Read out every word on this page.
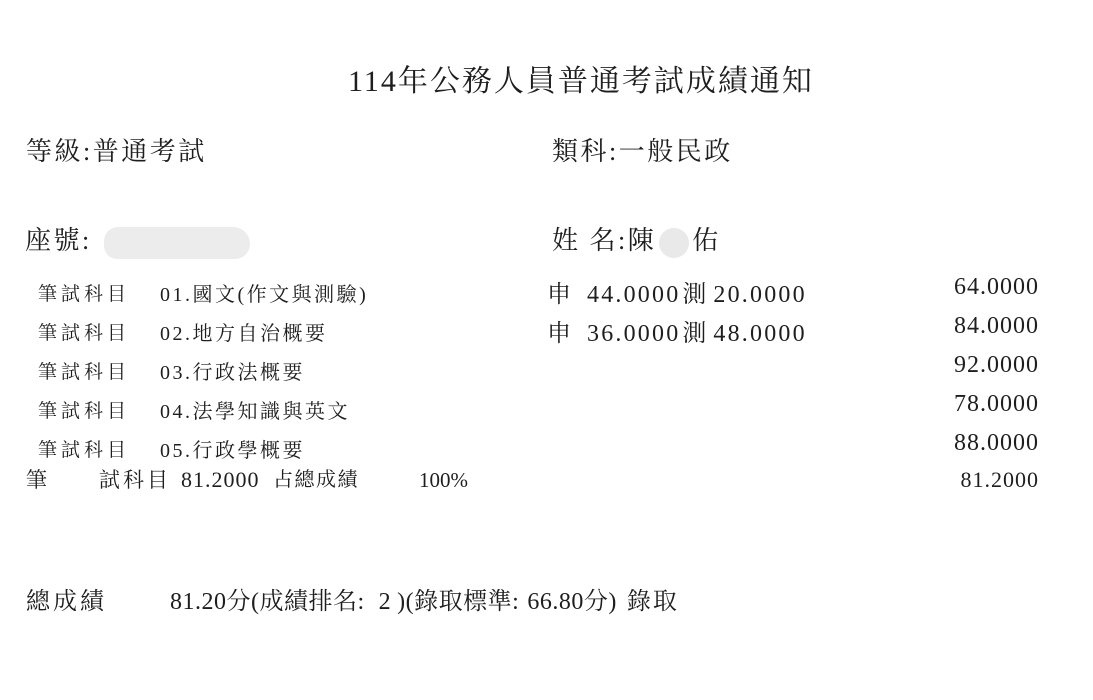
114年公務人員普通考試成績通知
等級:普通考試	類科:一般民政
座號:	姓 名: 陳 佑
筆試科目 01.國文(作文與測驗)	申 44.0000測 20.0000	64.0000
筆試科目 02.地方自治概要	申 36.0000測 48.0000	84.0000
筆試科目 03.行政法概要	92.0000
筆試科目 04.法學知識與英文	78.0000
筆試科目 05.行政學概要	88.0000
筆 試科目 81.2000 占總成績	100%	81.2000
總成績	81.20分 (成績排名: 2 ) (錄取標準: 66.80分 ) 錄取
